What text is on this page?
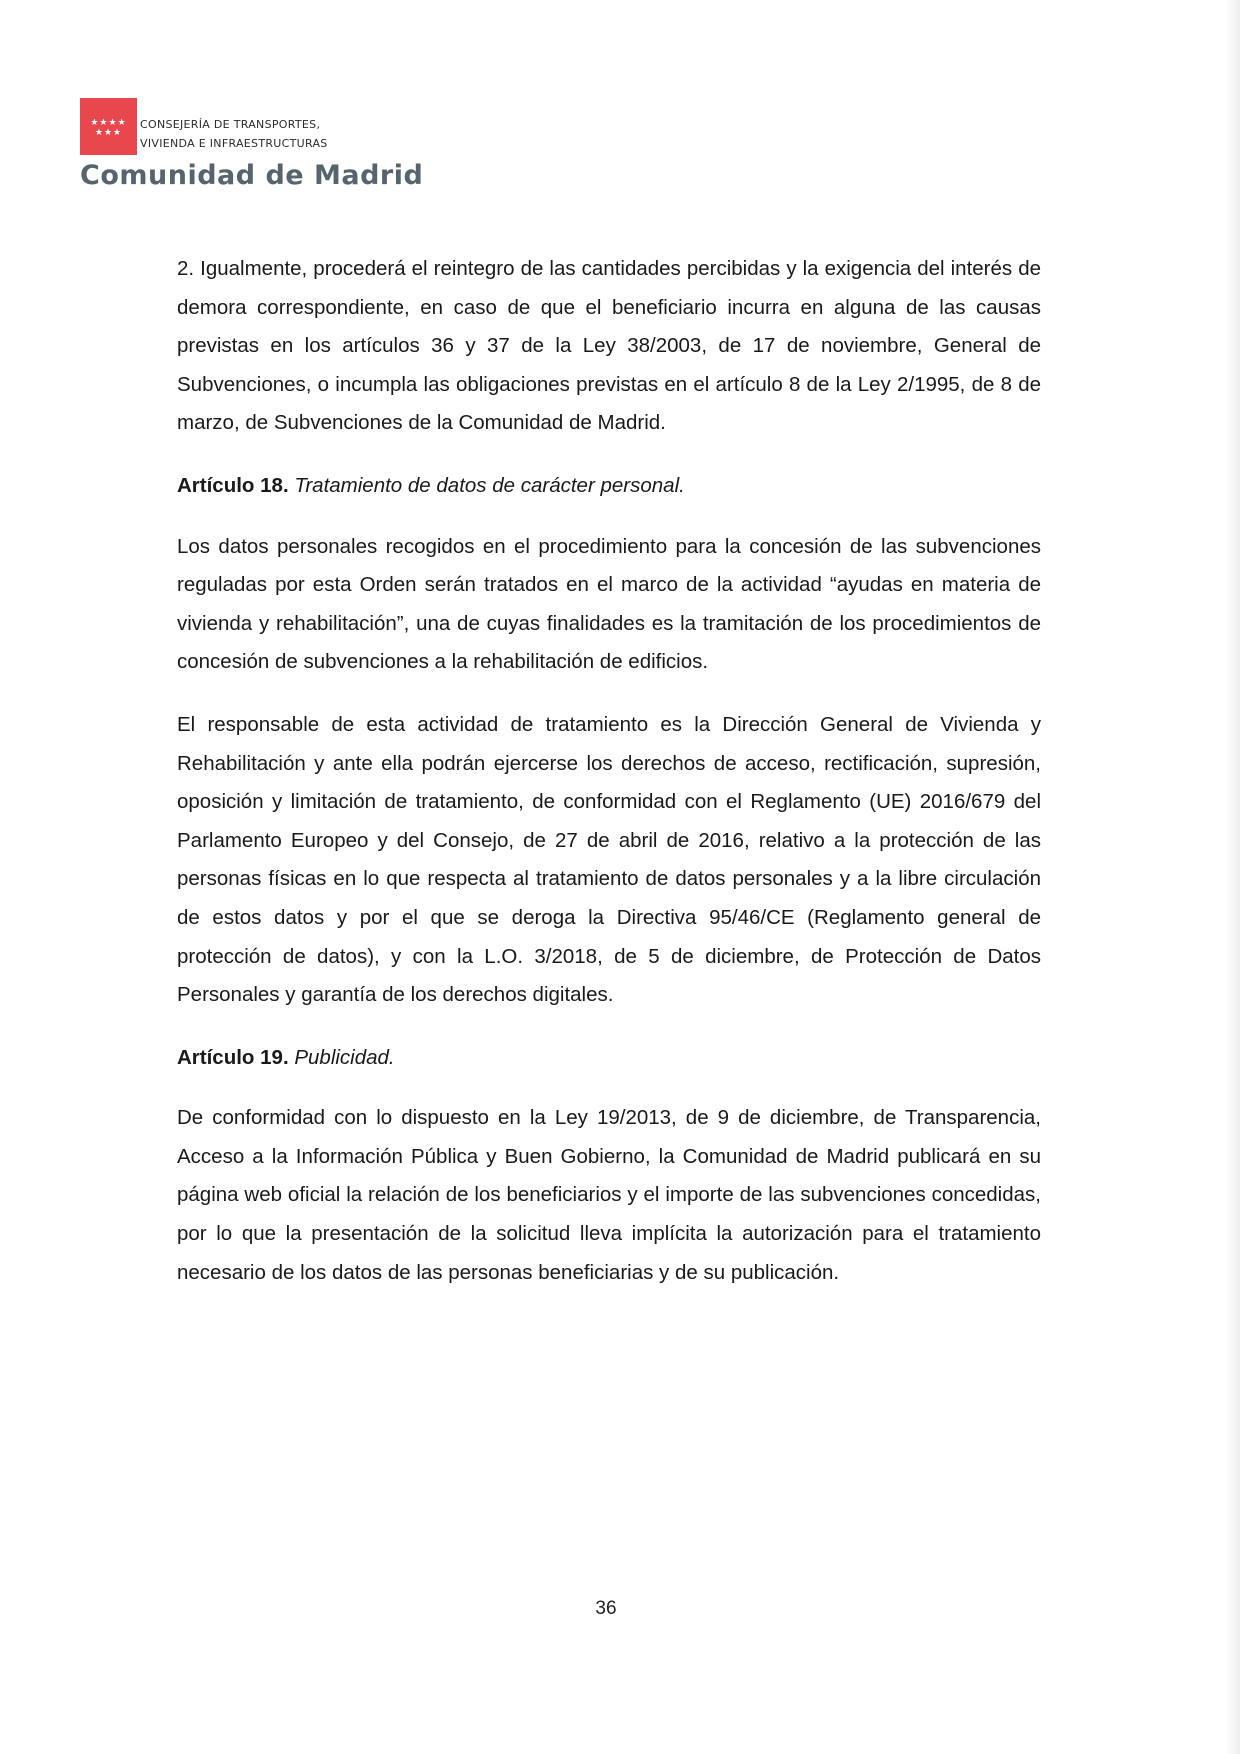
★★★★
★★★
CONSEJERÍA DE TRANSPORTES,
VIVIENDA E INFRAESTRUCTURAS
Comunidad de Madrid

2. Igualmente, procederá el reintegro de las cantidades percibidas y la exigencia del interés de demora correspondiente, en caso de que el beneficiario incurra en alguna de las causas previstas en los artículos 36 y 37 de la Ley 38/2003, de 17 de noviembre, General de Subvenciones, o incumpla las obligaciones previstas en el artículo 8 de la Ley 2/1995, de 8 de marzo, de Subvenciones de la Comunidad de Madrid.

Artículo 18. Tratamiento de datos de carácter personal.

Los datos personales recogidos en el procedimiento para la concesión de las subvenciones reguladas por esta Orden serán tratados en el marco de la actividad “ayudas en materia de vivienda y rehabilitación”, una de cuyas finalidades es la tramitación de los procedimientos de concesión de subvenciones a la rehabilitación de edificios.

El responsable de esta actividad de tratamiento es la Dirección General de Vivienda y Rehabilitación y ante ella podrán ejercerse los derechos de acceso, rectificación, supresión, oposición y limitación de tratamiento, de conformidad con el Reglamento (UE) 2016/679 del Parlamento Europeo y del Consejo, de 27 de abril de 2016, relativo a la protección de las personas físicas en lo que respecta al tratamiento de datos personales y a la libre circulación de estos datos y por el que se deroga la Directiva 95/46/CE (Reglamento general de protección de datos), y con la L.O. 3/2018, de 5 de diciembre, de Protección de Datos Personales y garantía de los derechos digitales.

Artículo 19. Publicidad.

De conformidad con lo dispuesto en la Ley 19/2013, de 9 de diciembre, de Transparencia, Acceso a la Información Pública y Buen Gobierno, la Comunidad de Madrid publicará en su página web oficial la relación de los beneficiarios y el importe de las subvenciones concedidas, por lo que la presentación de la solicitud lleva implícita la autorización para el tratamiento necesario de los datos de las personas beneficiarias y de su publicación.

36
